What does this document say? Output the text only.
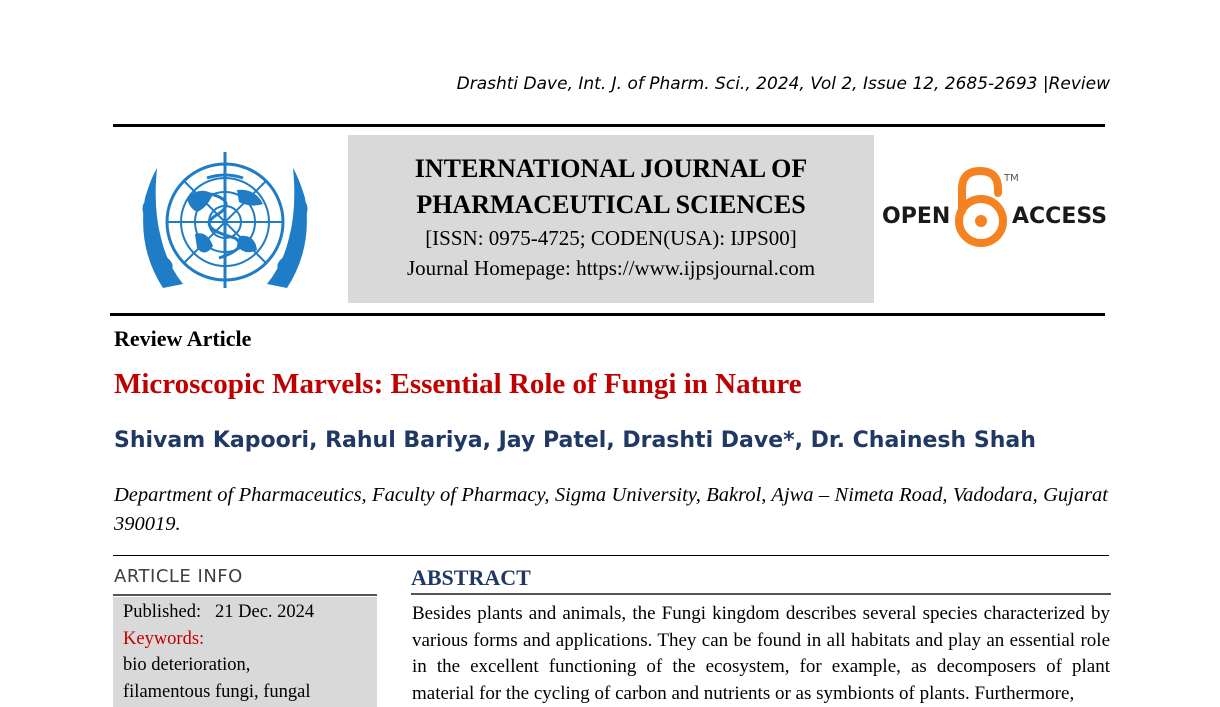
Drashti Dave, Int. J. of Pharm. Sci., 2024, Vol 2, Issue 12, 2685-2693 |Review
INTERNATIONAL JOURNAL OF
PHARMACEUTICAL SCIENCES
[ISSN: 0975-4725; CODEN(USA): IJPS00]
Journal Homepage: https://www.ijpsjournal.com
OPEN	ACCESS
TM
Review Article
Microscopic Marvels: Essential Role of Fungi in Nature
Shivam Kapoori, Rahul Bariya, Jay Patel, Drashti Dave*, Dr. Chainesh Shah
Department of Pharmaceutics, Faculty of Pharmacy, Sigma University, Bakrol, Ajwa – Nimeta Road, Vadodara, Gujarat 390019.
ARTICLE INFO
Published: 21 Dec. 2024
Keywords:
bio deterioration,
filamentous fungi, fungal
ABSTRACT
Besides plants and animals, the Fungi kingdom describes several species characterized by various forms and applications. They can be found in all habitats and play an essential role in the excellent functioning of the ecosystem, for example, as decomposers of plant material for the cycling of carbon and nutrients or as symbionts of plants. Furthermore,
